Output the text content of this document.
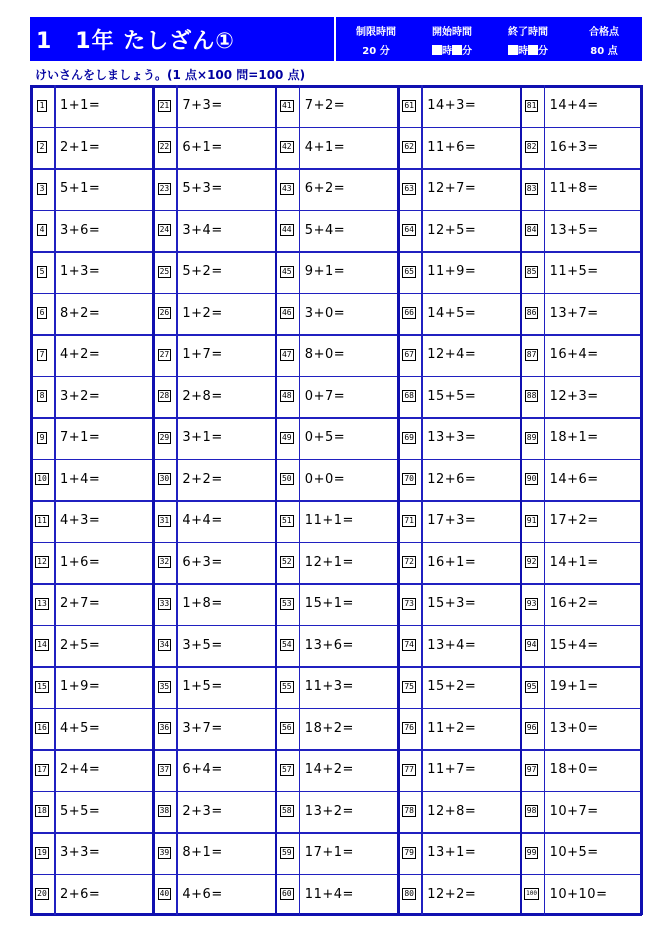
1　1年 たしざん①	制限時間
20 分
開始時間
時 分
終了時間
時 分
合格点
80 点
けいさんをしましょう。(1 点×100 問=100 点)
1 1+1=
2 2+1=
3 5+1=
4 3+6=
5 1+3=
6 8+2=
7 4+2=
8 3+2=
9 7+1=
10 1+4=
11 4+3=
12 1+6=
13 2+7=
14 2+5=
15 1+9=
16 4+5=
17 2+4=
18 5+5=
19 3+3=
20 2+6=
21 7+3=
22 6+1=
23 5+3=
24 3+4=
25 5+2=
26 1+2=
27 1+7=
28 2+8=
29 3+1=
30 2+2=
31 4+4=
32 6+3=
33 1+8=
34 3+5=
35 1+5=
36 3+7=
37 6+4=
38 2+3=
39 8+1=
40 4+6=
41 7+2=
42 4+1=
43 6+2=
44 5+4=
45 9+1=
46 3+0=
47 8+0=
48 0+7=
49 0+5=
50 0+0=
51 11+1=
52 12+1=
53 15+1=
54 13+6=
55 11+3=
56 18+2=
57 14+2=
58 13+2=
59 17+1=
60 11+4=
61 14+3=
62 11+6=
63 12+7=
64 12+5=
65 11+9=
66 14+5=
67 12+4=
68 15+5=
69 13+3=
70 12+6=
71 17+3=
72 16+1=
73 15+3=
74 13+4=
75 15+2=
76 11+2=
77 11+7=
78 12+8=
79 13+1=
80 12+2=
81 14+4=
82 16+3=
83 11+8=
84 13+5=
85 11+5=
86 13+7=
87 16+4=
88 12+3=
89 18+1=
90 14+6=
91 17+2=
92 14+1=
93 16+2=
94 15+4=
95 19+1=
96 13+0=
97 18+0=
98 10+7=
99 10+5=
100 10+10=
